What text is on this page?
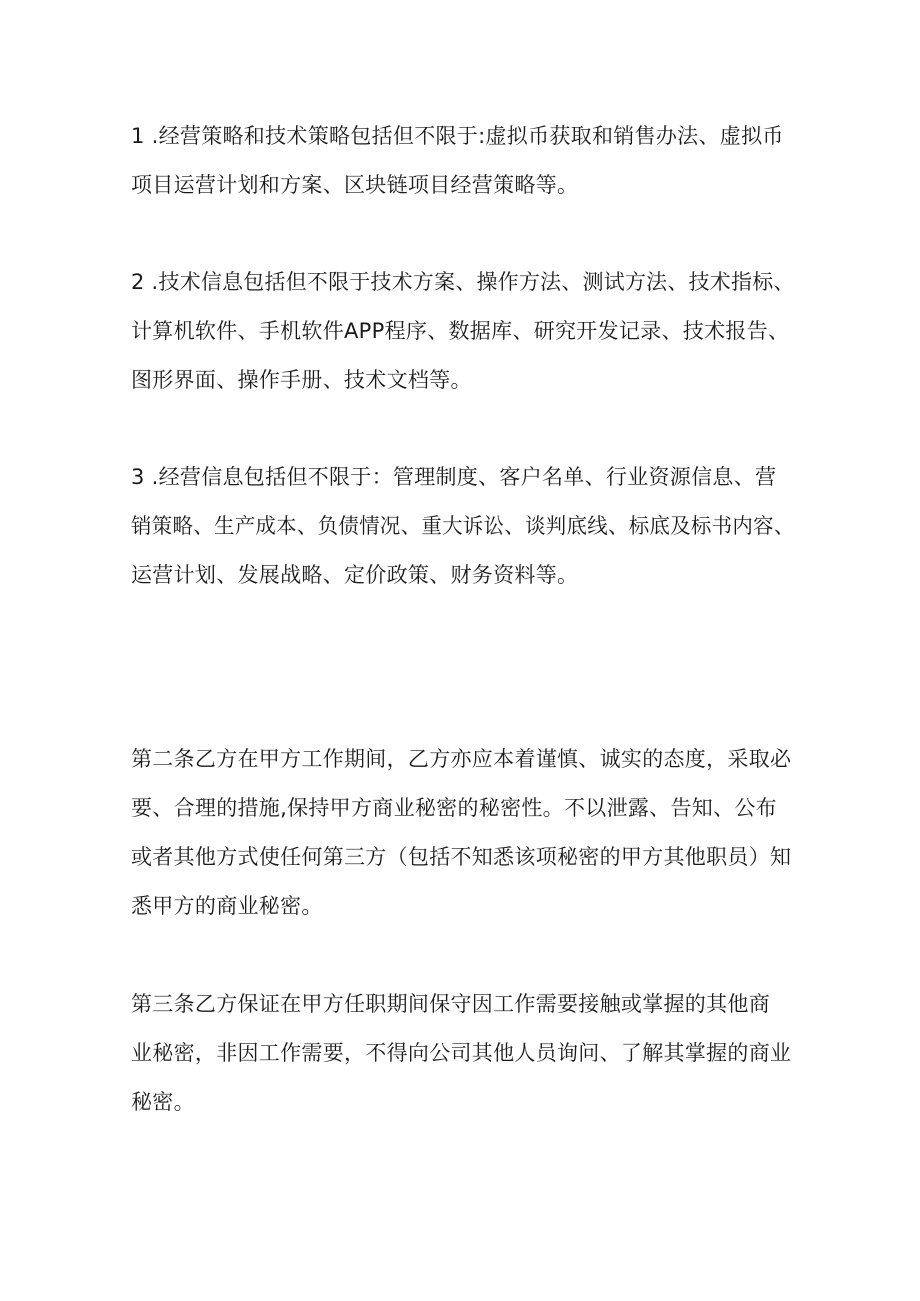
1 .经营策略和技术策略包括但不限于:虚拟币获取和销售办法、虚拟币
项目运营计划和方案、区块链项目经营策略等。
2 .技术信息包括但不限于技术方案、操作方法、测试方法、技术指标、
计算机软件、手机软件APP程序、数据库、研究开发记录、技术报告、
图形界面、操作手册、技术文档等。
3 .经营信息包括但不限于：管理制度、客户名单、行业资源信息、营
销策略、生产成本、负债情况、重大诉讼、谈判底线、标底及标书内容、
运营计划、发展战略、定价政策、财务资料等。
第二条乙方在甲方工作期间，乙方亦应本着谨慎、诚实的态度，采取必
要、合理的措施,保持甲方商业秘密的秘密性。不以泄露、告知、公布
或者其他方式使任何第三方（包括不知悉该项秘密的甲方其他职员）知
悉甲方的商业秘密。
第三条乙方保证在甲方任职期间保守因工作需要接触或掌握的其他商
业秘密，非因工作需要，不得向公司其他人员询问、了解其掌握的商业
秘密。
